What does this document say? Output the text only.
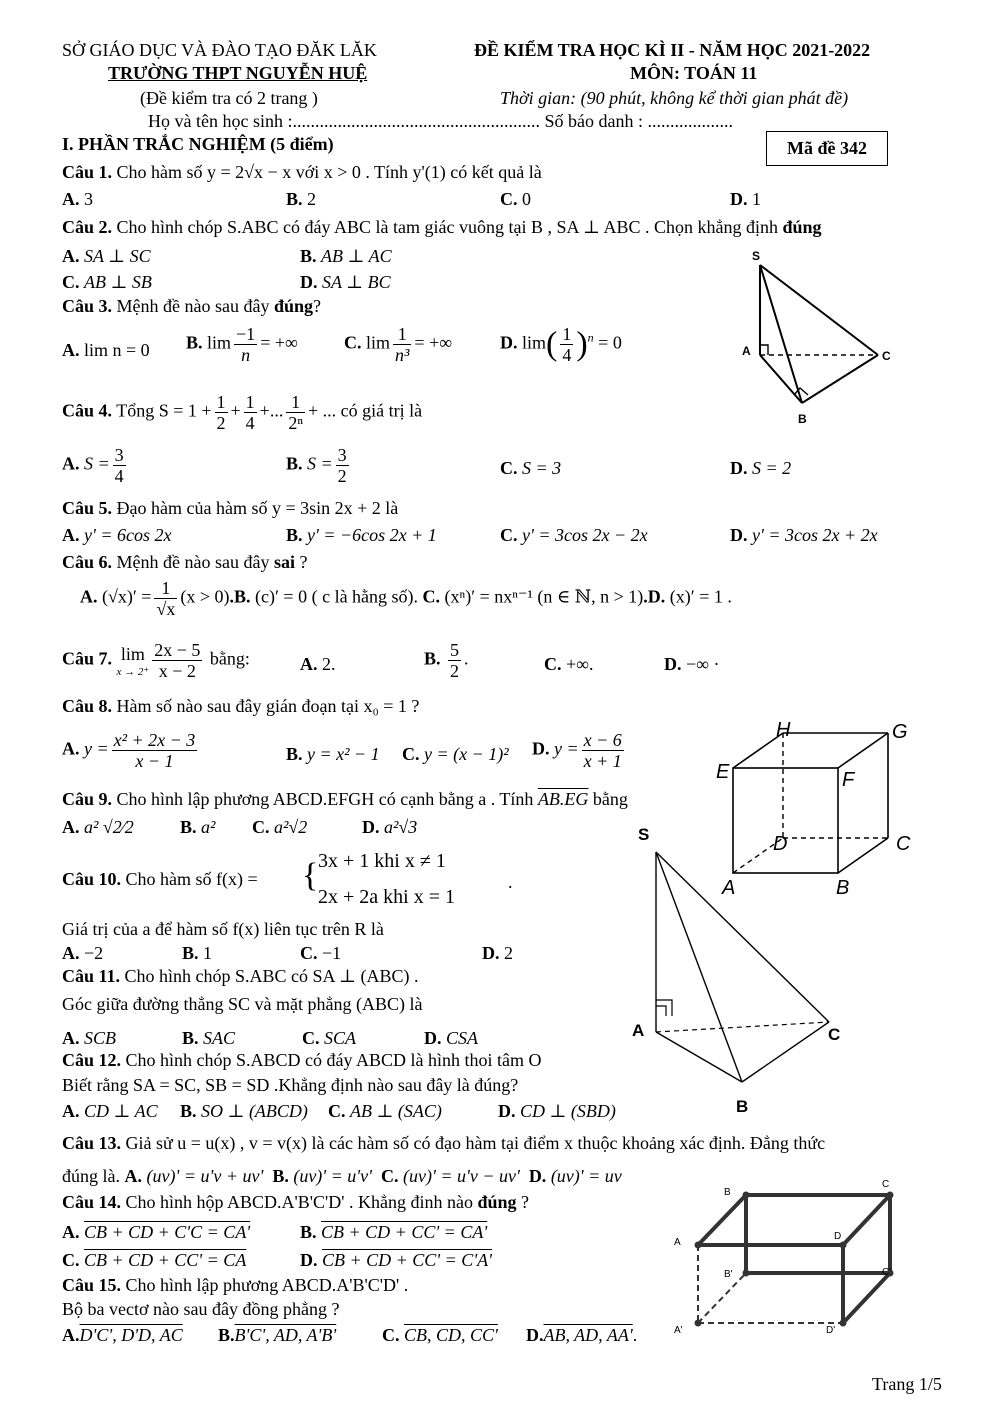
SỞ GIÁO DỤC VÀ ĐÀO TẠO ĐĂK LĂK
TRƯỜNG THPT NGUYỄN HUỆ
(Đề kiểm tra có 2 trang )
ĐỀ KIỂM TRA HỌC KÌ II - NĂM HỌC 2021-2022
MÔN: TOÁN 11
Thời gian: (90 phút, không kể thời gian phát đề)
Họ và tên học sinh :....................................................... Số báo danh : ...................
Mã đề 342
I. PHẦN TRẮC NGHIỆM (5 điểm)
Câu 1. Cho hàm số y = 2√x − x với x > 0 . Tính y'(1) có kết quả là
A. 3	B. 2	C. 0	D. 1
Câu 2. Cho hình chóp S.ABC có đáy ABC là tam giác vuông tại B , SA ⊥ ABC . Chọn khẳng định đúng
A. SA ⊥ SC	B. AB ⊥ AC
C. AB ⊥ SB	D. SA ⊥ BC
Câu 3. Mệnh đề nào sau đây đúng?
A. lim n = 0 B. $\lim \frac{-1}{n}$ = +∞	C. $\lim \frac{1}{\text{n³}}$ = +∞	D. $\lim( \frac{1}{4} )^n = 0$
Câu 4. Tổng $S = 1 + \frac{1}{2} + \frac{1}{4}$ +... $\frac{1}{\text{2ⁿ}}$ + ... có giá trị là
A. $S = \frac{3}{4}$	B. $S = \frac{3}{2}$	C. S = 3	D. S = 2
Câu 5. Đạo hàm của hàm số y = 3sin 2x + 2 là
A. y' = 6cos 2x	B. y' = −6cos 2x + 1	C. y' = 3cos 2x − 2x	D. y' = 3cos 2x + 2x
Câu 6. Mệnh đề nào sau đây sai ?
A. $(√x)' = \frac{1}{√x} (x > 0).B$. (c)′ = 0 ( c là hằng số). C. (xⁿ)′ = nxⁿ⁻¹ (n ∈ ℕ, n > 1).D. (x)′ = 1 .
Câu 7. lim
$x \to 2^+ \frac{2x - 5}{x - 2}$ bằng:	A. 2.	B. $\frac{5}{2}$ .	C. +∞.	D. −∞ ·
Câu 8. Hàm số nào sau đây gián đoạn tại x₀ = 1 ?
A. $y = \frac{\text{x² + 2x − 3}}{x - 1}$	B. y = x² − 1 C. y = (x − 1)² D. $y = \frac{x - 6}{x + 1}$
Câu 9. Cho hình lập phương ABCD.EFGH có cạnh bằng a . Tính AB.EG bằng
A. a² √2⁄2	B. a² C. a²√2	D. a²√3
Câu 10. Cho hàm số f(x) = { 3x + 1 khi x ≠ 1
2x + 2a khi x = 1
.
Giá trị của a để hàm số f(x) liên tục trên R là
A. −2	B. 1	C. −1	D. 2
Câu 11. Cho hình chóp S.ABC có SA ⊥ (ABC) .
Góc giữa đường thẳng SC và mặt phẳng (ABC) là
A. SCB	B. SAC	C. SCA	D. CSA
Câu 12. Cho hình chóp S.ABCD có đáy ABCD là hình thoi tâm O
Biết rằng SA = SC, SB = SD .Khẳng định nào sau đây là đúng?
A. CD ⊥ AC B. SO ⊥ (ABCD) C. AB ⊥ (SAC)	D. CD ⊥ (SBD)
Câu 13. Giả sử u = u(x) , v = v(x) là các hàm số có đạo hàm tại điểm x thuộc khoảng xác định. Đẳng thức
đúng là. A. (uv)' = u'v + uv' B. (uv)' = u'v' C. (uv)' = u'v − uv' D. (uv)' = uv
Câu 14. Cho hình hộp ABCD.A'B'C'D' . Khẳng đinh nào đúng ?
A. CB + CD + C'C = CA'	B. CB + CD + CC' = CA'
C. CB + CD + CC' = CA	D. CB + CD + CC' = C'A'
Câu 15. Cho hình lập phương ABCD.A'B'C'D' .
Bộ ba vectơ nào sau đây đồng phẳng ?
A.D'C', D'D, AC B.B'C', AD, A'B'	C. CB, CD, CC' D.AB, AD, AA'.
S
A	C
B
H	G
E	F
D	C
A	B
S
A	C
B
B
C
A
D
B'	C'
A'	D'
Trang 1/5
